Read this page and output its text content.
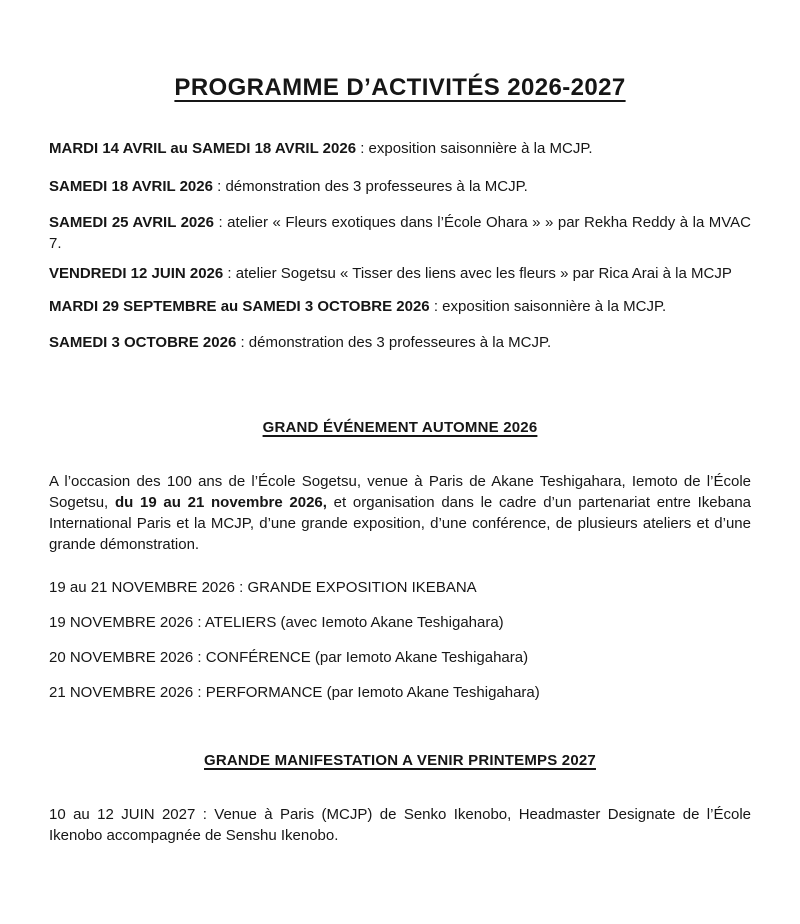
PROGRAMME D’ACTIVITÉS 2026-2027

MARDI 14 AVRIL au SAMEDI 18 AVRIL 2026 : exposition saisonnière à la MCJP.

SAMEDI 18 AVRIL 2026 : démonstration des 3 professeures à la MCJP.

SAMEDI 25 AVRIL 2026 : atelier « Fleurs exotiques dans l’École Ohara » » par Rekha Reddy à la MVAC 7.

VENDREDI 12 JUIN 2026 : atelier Sogetsu « Tisser des liens avec les fleurs » par Rica Arai à la MCJP

MARDI 29 SEPTEMBRE au SAMEDI 3 OCTOBRE 2026 : exposition saisonnière à la MCJP.

SAMEDI 3 OCTOBRE 2026 : démonstration des 3 professeures à la MCJP.

GRAND ÉVÉNEMENT AUTOMNE 2026

A l’occasion des 100 ans de l’École Sogetsu, venue à Paris de Akane Teshigahara, Iemoto de l’École Sogetsu, du 19 au 21 novembre 2026, et organisation dans le cadre d’un partenariat entre Ikebana International Paris et la MCJP, d’une grande exposition, d’une conférence, de plusieurs ateliers et d’une grande démonstration.

19 au 21 NOVEMBRE 2026 : GRANDE EXPOSITION IKEBANA

19 NOVEMBRE 2026 : ATELIERS (avec Iemoto Akane Teshigahara)

20 NOVEMBRE 2026 : CONFÉRENCE (par Iemoto Akane Teshigahara)

21 NOVEMBRE 2026 : PERFORMANCE (par Iemoto Akane Teshigahara)

GRANDE MANIFESTATION A VENIR PRINTEMPS 2027

10 au 12 JUIN 2027 : Venue à Paris (MCJP) de Senko Ikenobo, Headmaster Designate de l’École Ikenobo accompagnée de Senshu Ikenobo.
